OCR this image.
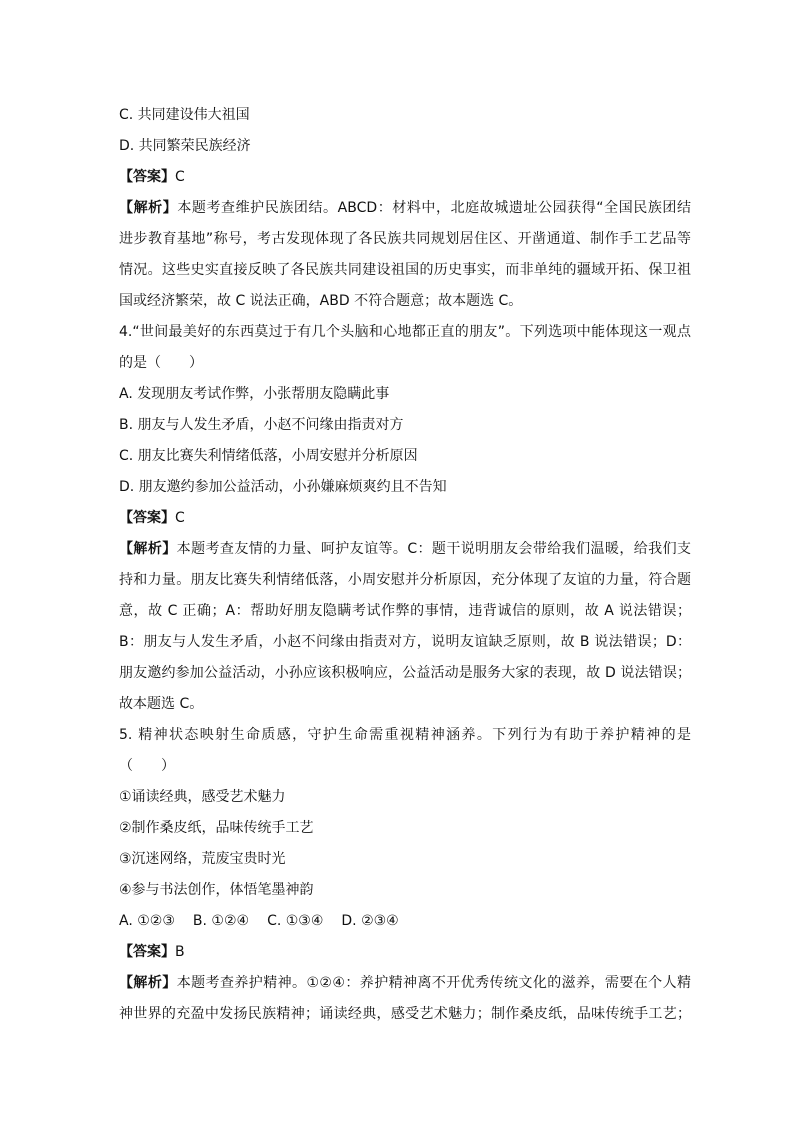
C. 共同建设伟大祖国
D. 共同繁荣民族经济
【答案】C
【解析】本题考查维护民族团结。ABCD：材料中，北庭故城遗址公园获得“全国民族团结
进步教育基地”称号，考古发现体现了各民族共同规划居住区、开凿通道、制作手工艺品等
情况。这些史实直接反映了各民族共同建设祖国的历史事实，而非单纯的疆域开拓、保卫祖
国或经济繁荣，故 C 说法正确，ABD 不符合题意；故本题选 C。
4.“世间最美好的东西莫过于有几个头脑和心地都正直的朋友”。下列选项中能体现这一观点
的是（　　）
A. 发现朋友考试作弊，小张帮朋友隐瞒此事
B. 朋友与人发生矛盾，小赵不问缘由指责对方
C. 朋友比赛失利情绪低落，小周安慰并分析原因
D. 朋友邀约参加公益活动，小孙嫌麻烦爽约且不告知
【答案】C
【解析】本题考查友情的力量、呵护友谊等。C：题干说明朋友会带给我们温暖，给我们支
持和力量。朋友比赛失利情绪低落，小周安慰并分析原因，充分体现了友谊的力量，符合题
意，故 C 正确；A：帮助好朋友隐瞒考试作弊的事情，违背诚信的原则，故 A 说法错误；
B：朋友与人发生矛盾，小赵不问缘由指责对方，说明友谊缺乏原则，故 B 说法错误；D：
朋友邀约参加公益活动，小孙应该积极响应，公益活动是服务大家的表现，故 D 说法错误；
故本题选 C。
5. 精神状态映射生命质感，守护生命需重视精神涵养。下列行为有助于养护精神的是
（　　）
①诵读经典，感受艺术魅力
②制作桑皮纸，品味传统手工艺
③沉迷网络，荒废宝贵时光
④参与书法创作，体悟笔墨神韵
A. ①②③ B. ①②④ C. ①③④ D. ②③④
【答案】B
【解析】本题考查养护精神。①②④：养护精神离不开优秀传统文化的滋养，需要在个人精
神世界的充盈中发扬民族精神；诵读经典，感受艺术魅力；制作桑皮纸，品味传统手工艺；
